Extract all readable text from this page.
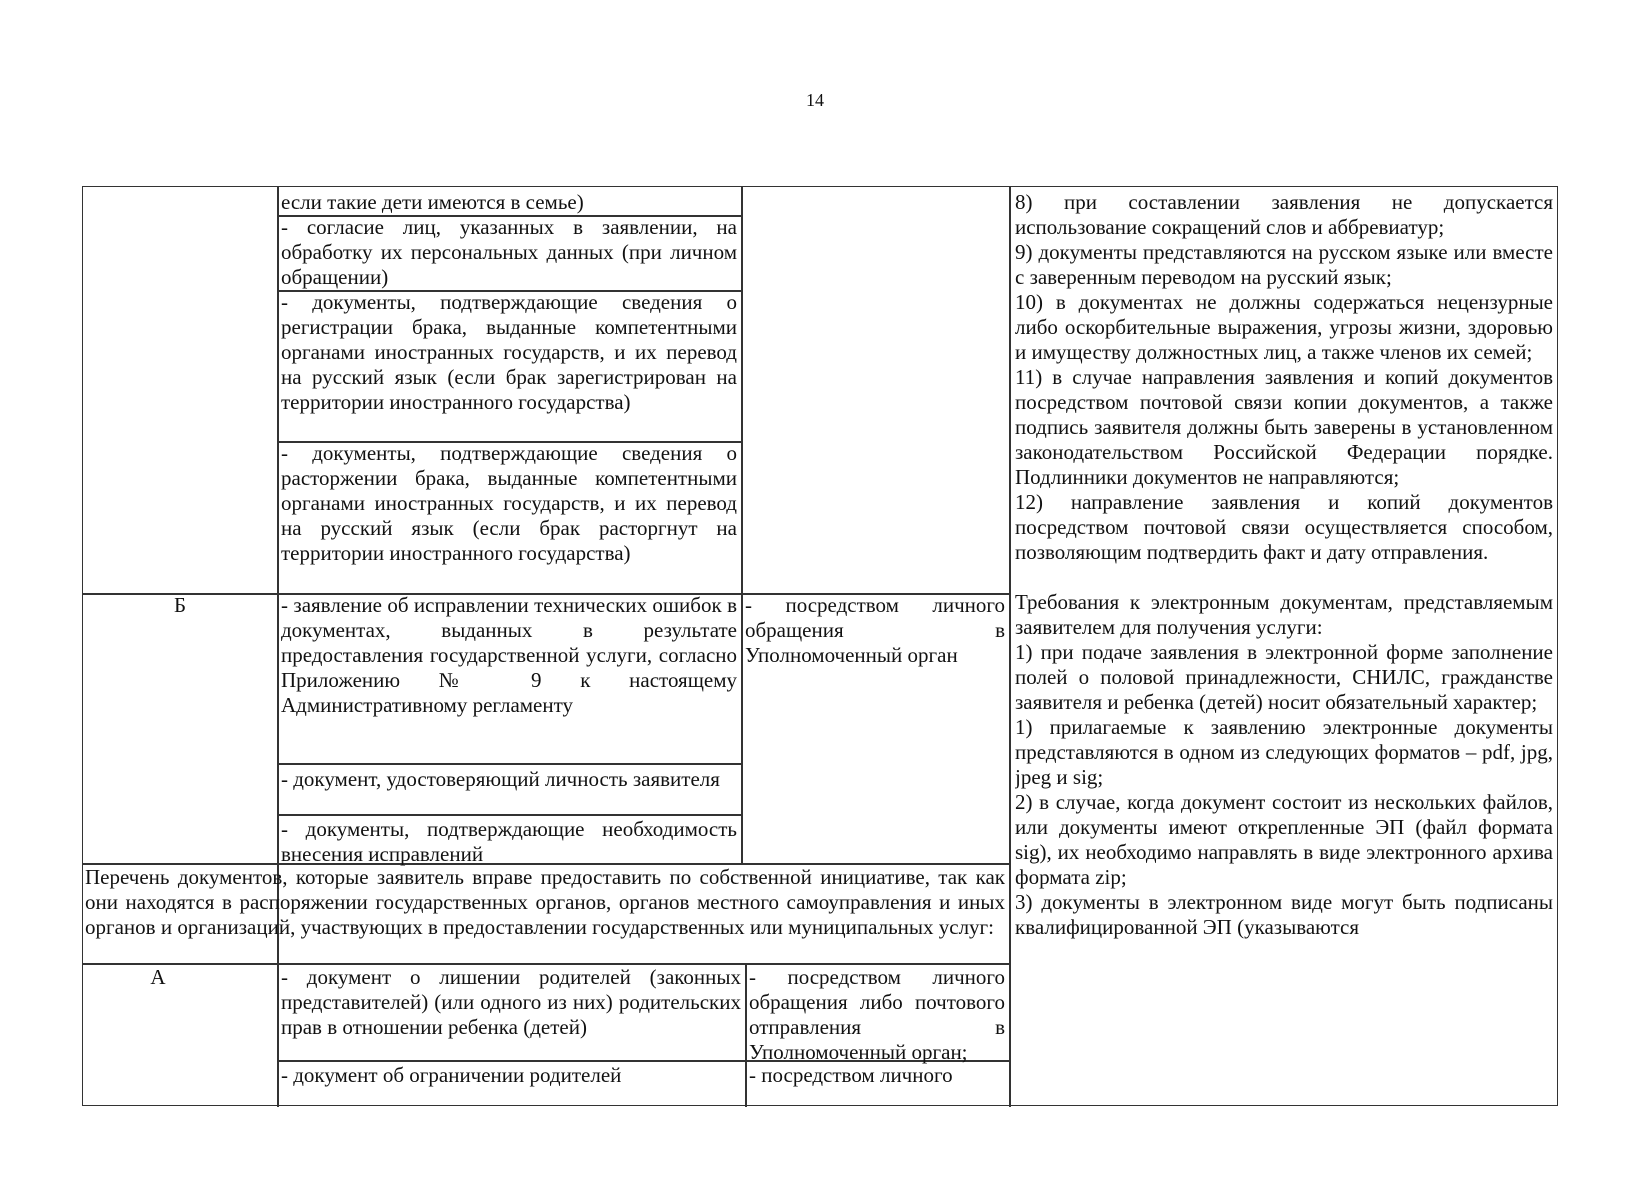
14

если такие дети имеются в семье)

- согласие лиц, указанных в заявлении, на обработку их персональных данных (при личном обращении)

- документы, подтверждающие сведения о регистрации брака, выданные компетентными органами иностранных государств, и их перевод на русский язык (если брак зарегистрирован на территории иностранного государства)

- документы, подтверждающие сведения о расторжении брака, выданные компетентными органами иностранных государств, и их перевод на русский язык (если брак расторгнут на территории иностранного государства)

Б	- заявление об исправлении технических ошибок в документах, выданных в результате предоставления государственной услуги, согласно Приложению № 9 к настоящему Административному регламенту

- документ, удостоверяющий личность заявителя

- документы, подтверждающие необходимость внесения исправлений

- посредством личного обращения в Уполномоченный орган

Перечень документов, которые заявитель вправе предоставить по собственной инициативе, так как они находятся в распоряжении государственных органов, органов местного самоуправления и иных органов и организаций, участвующих в предоставлении государственных или муниципальных услуг:

А	- документ о лишении родителей (законных представителей) (или одного из них) родительских прав в отношении ребенка (детей)

- документ об ограничении родителей

- посредством личного обращения либо почтового отправления в Уполномоченный орган;

- посредством личного

8) при составлении заявления не допускается использование сокращений слов и аббревиатур;

9) документы представляются на русском языке или вместе с заверенным переводом на русский язык;

10) в документах не должны содержаться нецензурные либо оскорбительные выражения, угрозы жизни, здоровью и имуществу должностных лиц, а также членов их семей;

11) в случае направления заявления и копий документов посредством почтовой связи копии документов, а также подпись заявителя должны быть заверены в установленном законодательством Российской Федерации порядке. Подлинники документов не направляются;

12) направление заявления и копий документов посредством почтовой связи осуществляется способом, позволяющим подтвердить факт и дату отправления.

Требования к электронным документам, представляемым заявителем для получения услуги:

1) при подаче заявления в электронной форме заполнение полей о половой принадлежности, СНИЛС, гражданстве заявителя и ребенка (детей) носит обязательный характер;

1) прилагаемые к заявлению электронные документы представляются в одном из следующих форматов – pdf, jpg, jpeg и sig;

2) в случае, когда документ состоит из нескольких файлов, или документы имеют открепленные ЭП (файл формата sig), их необходимо направлять в виде электронного архива формата zip;

3) документы в электронном виде могут быть подписаны квалифицированной ЭП (указываются
